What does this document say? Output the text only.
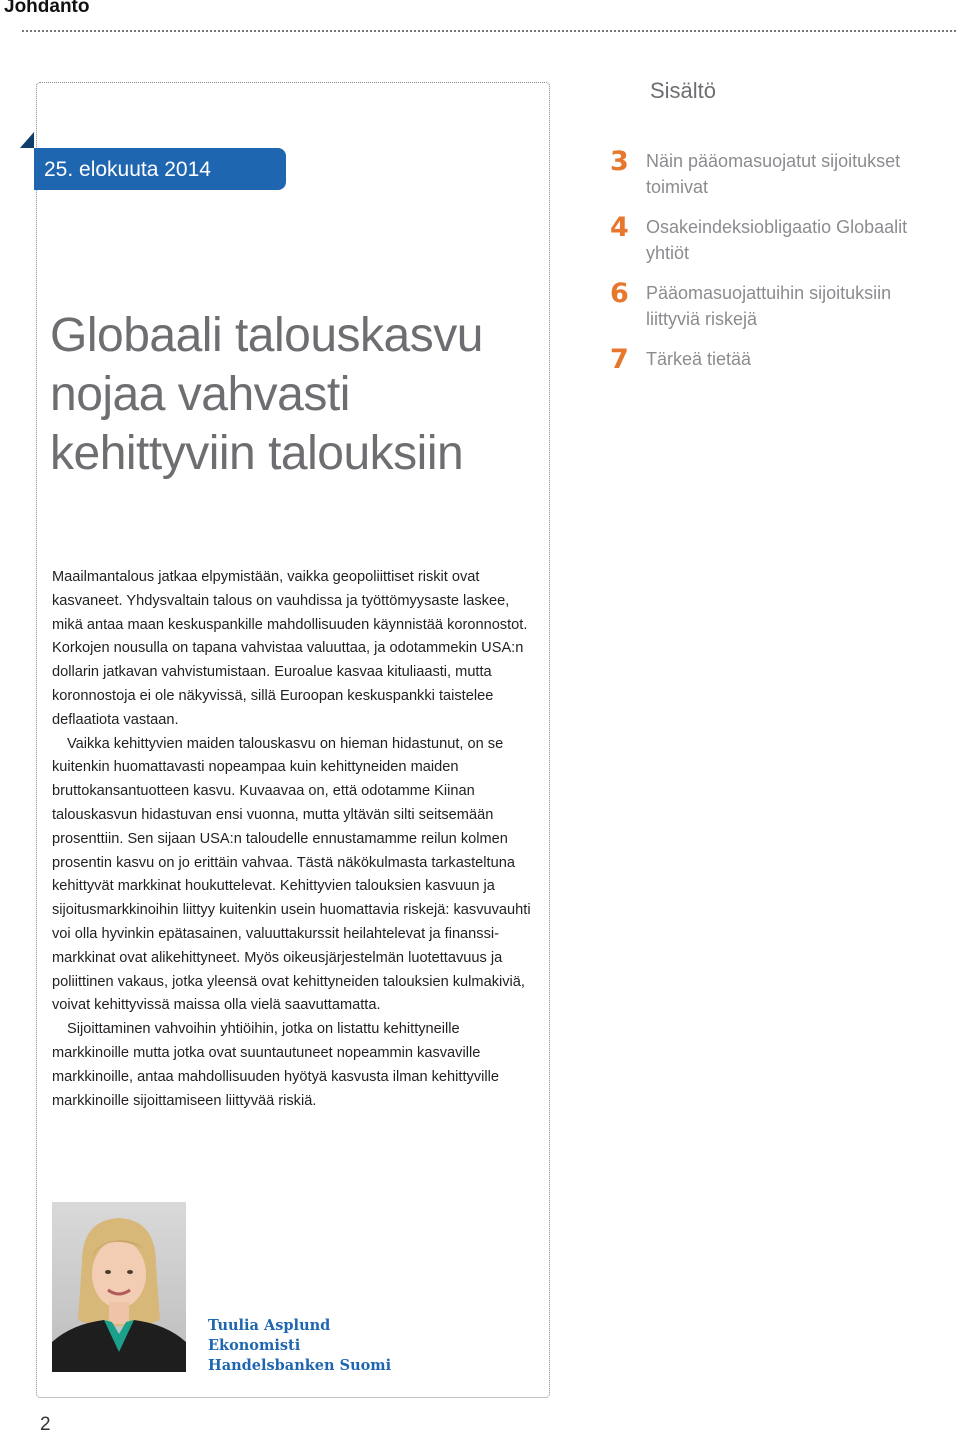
Johdanto
25. elokuuta 2014
Globaali talouskasvu nojaa vahvasti kehittyviin talouksiin

Maailmantalous jatkaa elpymistään, vaikka geopoliittiset riskit ovat kasvaneet. Yhdysvaltain talous on vauhdissa ja työttömyysaste laskee, mikä antaa maan keskuspankille mahdollisuuden käynnistää koronnostot. Korkojen nousulla on tapana vahvistaa valuuttaa, ja odotammekin USA:n dollarin jatkavan vahvistumistaan. Euroalue kasvaa kituliaasti, mutta koronnostoja ei ole näkyvissä, sillä Euroopan keskuspankki taistelee deflaatiota vastaan.

Vaikka kehittyvien maiden talouskasvu on hieman hidastunut, on se kuitenkin huomattavasti nopeampaa kuin kehittyneiden maiden bruttokansantuotteen kasvu. Kuvaavaa on, että odotamme Kiinan talouskasvun hidastuvan ensi vuonna, mutta yltävän silti seitsemään prosenttiin. Sen sijaan USA:n taloudelle ennustamamme reilun kolmen prosentin kasvu on jo erittäin vahvaa. Tästä näkökulmasta tarkasteltuna kehittyvät markkinat houkuttelevat. Kehittyvien talouksien kasvuun ja sijoitusmarkkinoihin liittyy kuitenkin usein huomattavia riskejä: kasvuvauhti voi olla hyvinkin epätasainen, valuuttakurssit heilahtelevat ja finanssi-markkinat ovat alikehittyneet. Myös oikeusjärjestelmän luotettavuus ja poliittinen vakaus, jotka yleensä ovat kehittyneiden talouksien kulmakiviä, voivat kehittyvissä maissa olla vielä saavuttamatta.

Sijoittaminen vahvoihin yhtiöihin, jotka on listattu kehittyneille markkinoille mutta jotka ovat suuntautuneet nopeammin kasvaville markkinoille, antaa mahdollisuuden hyötyä kasvusta ilman kehittyville markkinoille sijoittamiseen liittyvää riskiä.

Sisältö
3 Näin pääomasuojatut sijoitukset toimivat
4 Osakeindeksiobligaatio Globaalit yhtiöt
6 Pääomasuojattuihin sijoituksiin liittyviä riskejä
7 Tärkeä tietää
Tuulia Asplund
Ekonomisti
Handelsbanken Suomi
2
